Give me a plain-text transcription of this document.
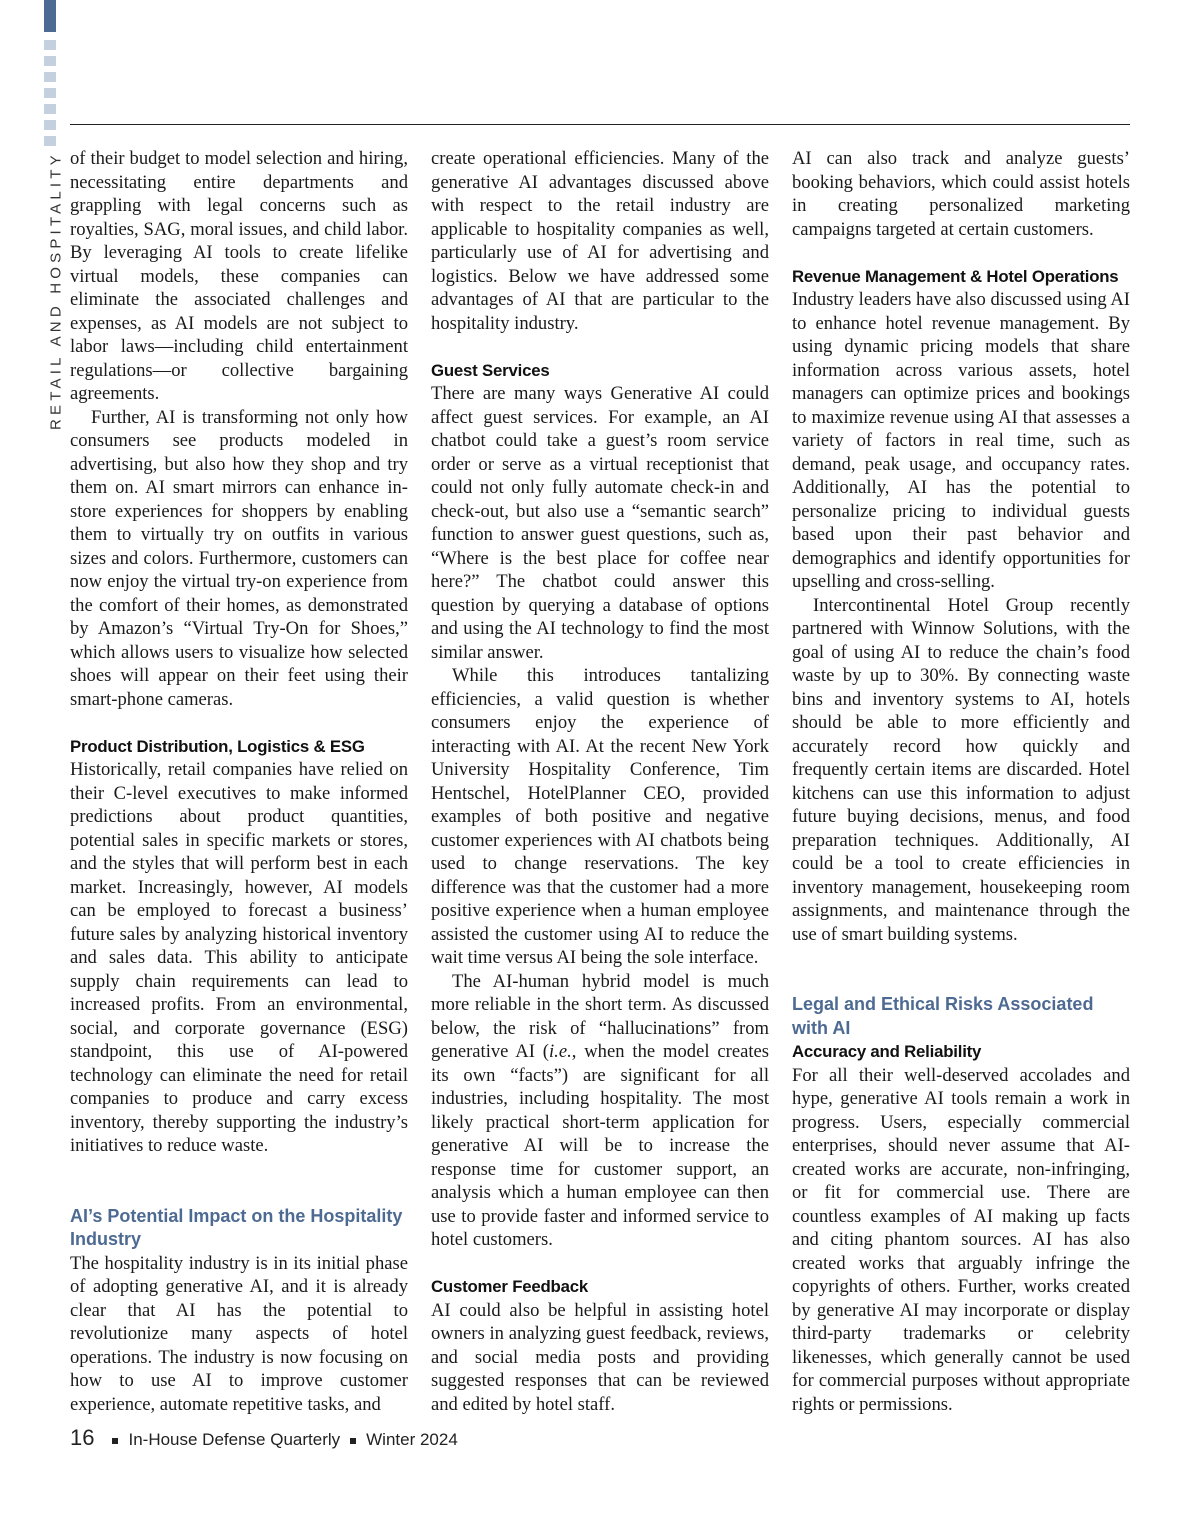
RETAIL AND HOSPITALITY of their budget to model selection and hiring, necessitating entire departments and grappling with legal concerns such as royalties, SAG, moral issues, and child labor. By leveraging AI tools to create lifelike virtual models, these companies can eliminate the associated challenges and expenses, as AI models are not subject to labor laws—including child entertainment regulations—or collective bargaining agreements.

Further, AI is transforming not only how consumers see products modeled in advertising, but also how they shop and try them on. AI smart mirrors can enhance in-store experiences for shoppers by enabling them to virtually try on outfits in various sizes and colors. Furthermore, customers can now enjoy the virtual try-on experience from the comfort of their homes, as demonstrated by Amazon’s “Virtual Try-On for Shoes,” which allows users to visualize how selected shoes will appear on their feet using their smart-phone cameras.

Product Distribution, Logistics & ESG

Historically, retail companies have relied on their C-level executives to make informed predictions about product quantities, potential sales in specific markets or stores, and the styles that will perform best in each market. Increasingly, however, AI models can be employed to forecast a business’ future sales by analyzing historical inventory and sales data. This ability to anticipate supply chain requirements can lead to increased profits. From an environmental, social, and corporate governance (ESG) standpoint, this use of AI-powered technology can eliminate the need for retail companies to produce and carry excess inventory, thereby supporting the industry’s initiatives to reduce waste.

AI’s Potential Impact on the Hospitality Industry

The hospitality industry is in its initial phase of adopting generative AI, and it is already clear that AI has the potential to revolutionize many aspects of hotel operations. The industry is now focusing on how to use AI to improve customer experience, automate repetitive tasks, and

create operational efficiencies. Many of the generative AI advantages discussed above with respect to the retail industry are applicable to hospitality companies as well, particularly use of AI for advertising and logistics. Below we have addressed some advantages of AI that are particular to the hospitality industry.

Guest Services

There are many ways Generative AI could affect guest services. For example, an AI chatbot could take a guest’s room service order or serve as a virtual receptionist that could not only fully automate check-in and check-out, but also use a “semantic search” function to answer guest questions, such as, “Where is the best place for coffee near here?” The chatbot could answer this question by querying a database of options and using the AI technology to find the most similar answer.

While this introduces tantalizing efficiencies, a valid question is whether consumers enjoy the experience of interacting with AI. At the recent New York University Hospitality Conference, Tim Hentschel, HotelPlanner CEO, provided examples of both positive and negative customer experiences with AI chatbots being used to change reservations. The key difference was that the customer had a more positive experience when a human employee assisted the customer using AI to reduce the wait time versus AI being the sole interface.

The AI-human hybrid model is much more reliable in the short term. As discussed below, the risk of “hallucinations” from generative AI (i.e., when the model creates its own “facts”) are significant for all industries, including hospitality. The most likely practical short-term application for generative AI will be to increase the response time for customer support, an analysis which a human employee can then use to provide faster and informed service to hotel customers.

Customer Feedback

AI could also be helpful in assisting hotel owners in analyzing guest feedback, reviews, and social media posts and providing suggested responses that can be reviewed and edited by hotel staff.

AI can also track and analyze guests’ booking behaviors, which could assist hotels in creating personalized marketing campaigns targeted at certain customers.

Revenue Management & Hotel Operations

Industry leaders have also discussed using AI to enhance hotel revenue management. By using dynamic pricing models that share information across various assets, hotel managers can optimize prices and bookings to maximize revenue using AI that assesses a variety of factors in real time, such as demand, peak usage, and occupancy rates. Additionally, AI has the potential to personalize pricing to individual guests based upon their past behavior and demographics and identify opportunities for upselling and cross-selling.

Intercontinental Hotel Group recently partnered with Winnow Solutions, with the goal of using AI to reduce the chain’s food waste by up to 30%. By connecting waste bins and inventory systems to AI, hotels should be able to more efficiently and accurately record how quickly and frequently certain items are discarded. Hotel kitchens can use this information to adjust future buying decisions, menus, and food preparation techniques. Additionally, AI could be a tool to create efficiencies in inventory management, housekeeping room assignments, and maintenance through the use of smart building systems.

Legal and Ethical Risks Associated with AI

Accuracy and Reliability

For all their well-deserved accolades and hype, generative AI tools remain a work in progress. Users, especially commercial enterprises, should never assume that AI-created works are accurate, non-infringing, or fit for commercial use. There are countless examples of AI making up facts and citing phantom sources. AI has also created works that arguably infringe the copyrights of others. Further, works created by generative AI may incorporate or display third-party trademarks or celebrity likenesses, which generally cannot be used for commercial purposes without appropriate rights or permissions.

16 In-House Defense Quarterly Winter 2024
